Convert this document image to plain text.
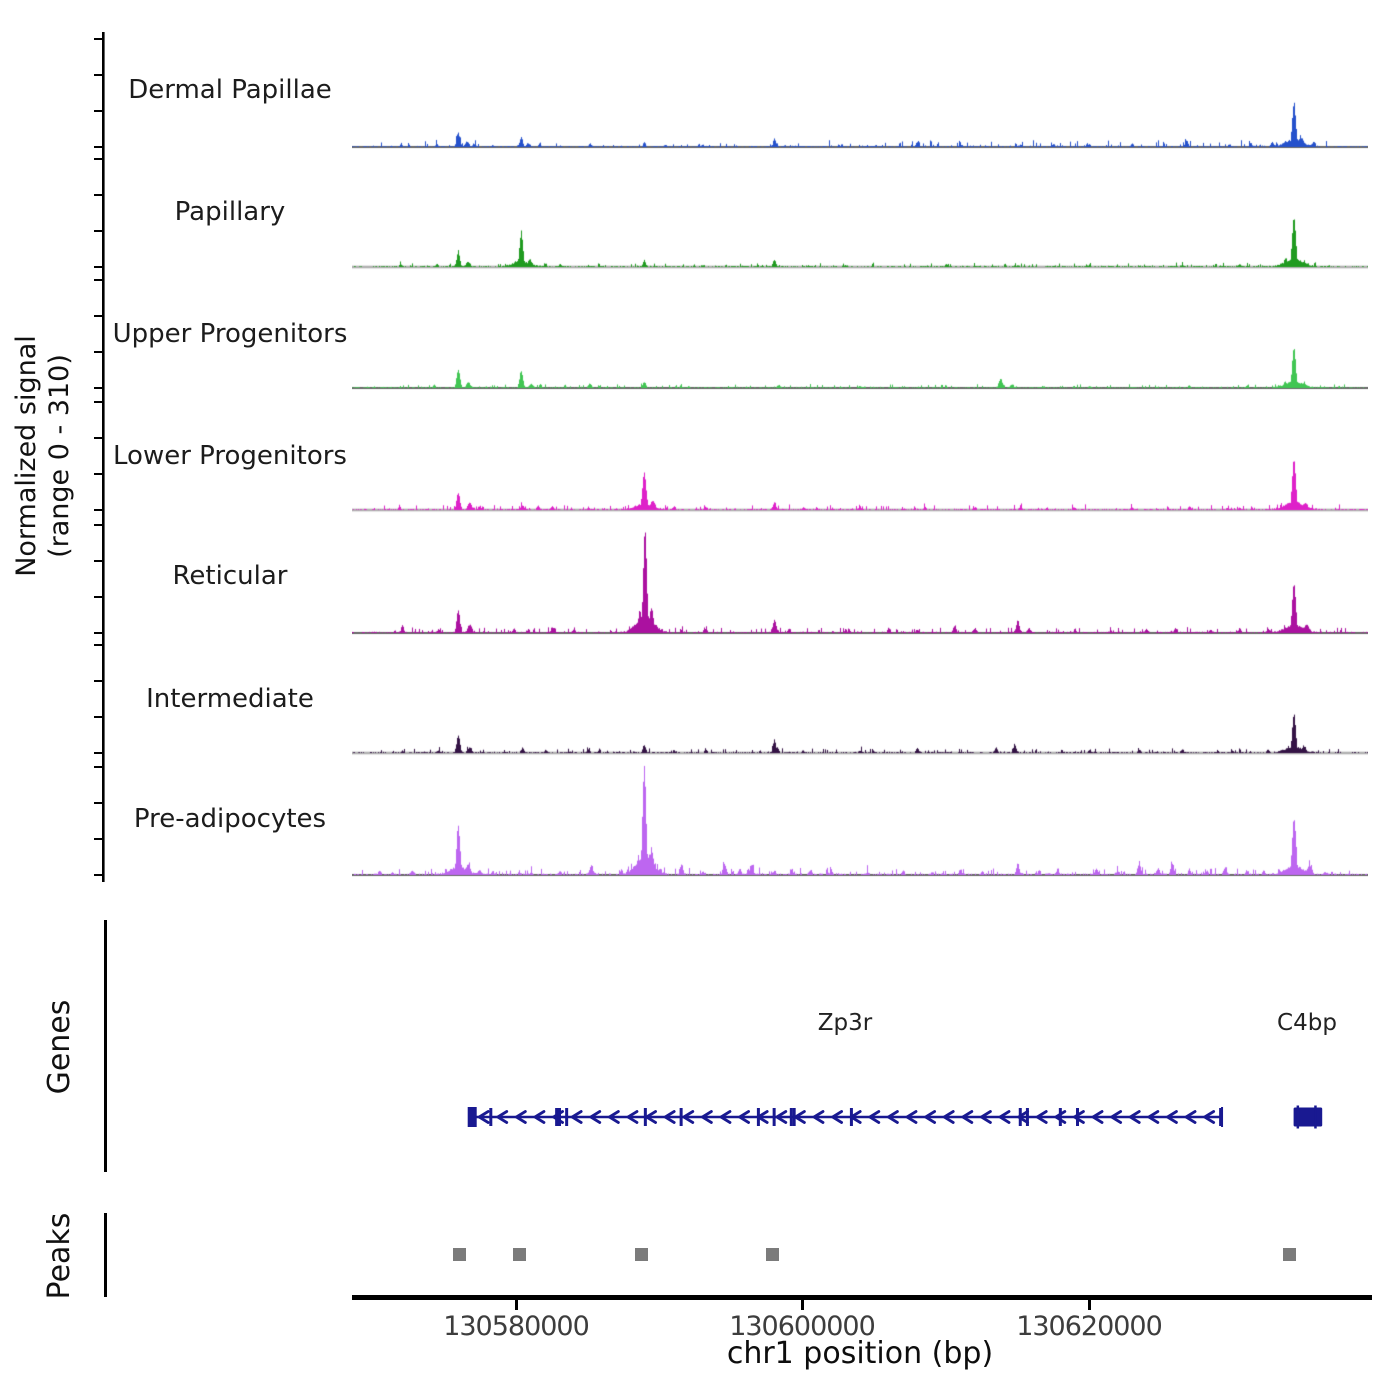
Normalized signal (range 0 - 310)
Dermal Papillae
Papillary
Upper Progenitors
Lower Progenitors
Reticular
Intermediate
Pre-adipocytes
Genes	Zp3r	C4bp
Peaks
130580000	130600000	130620000
chr1 position (bp)
